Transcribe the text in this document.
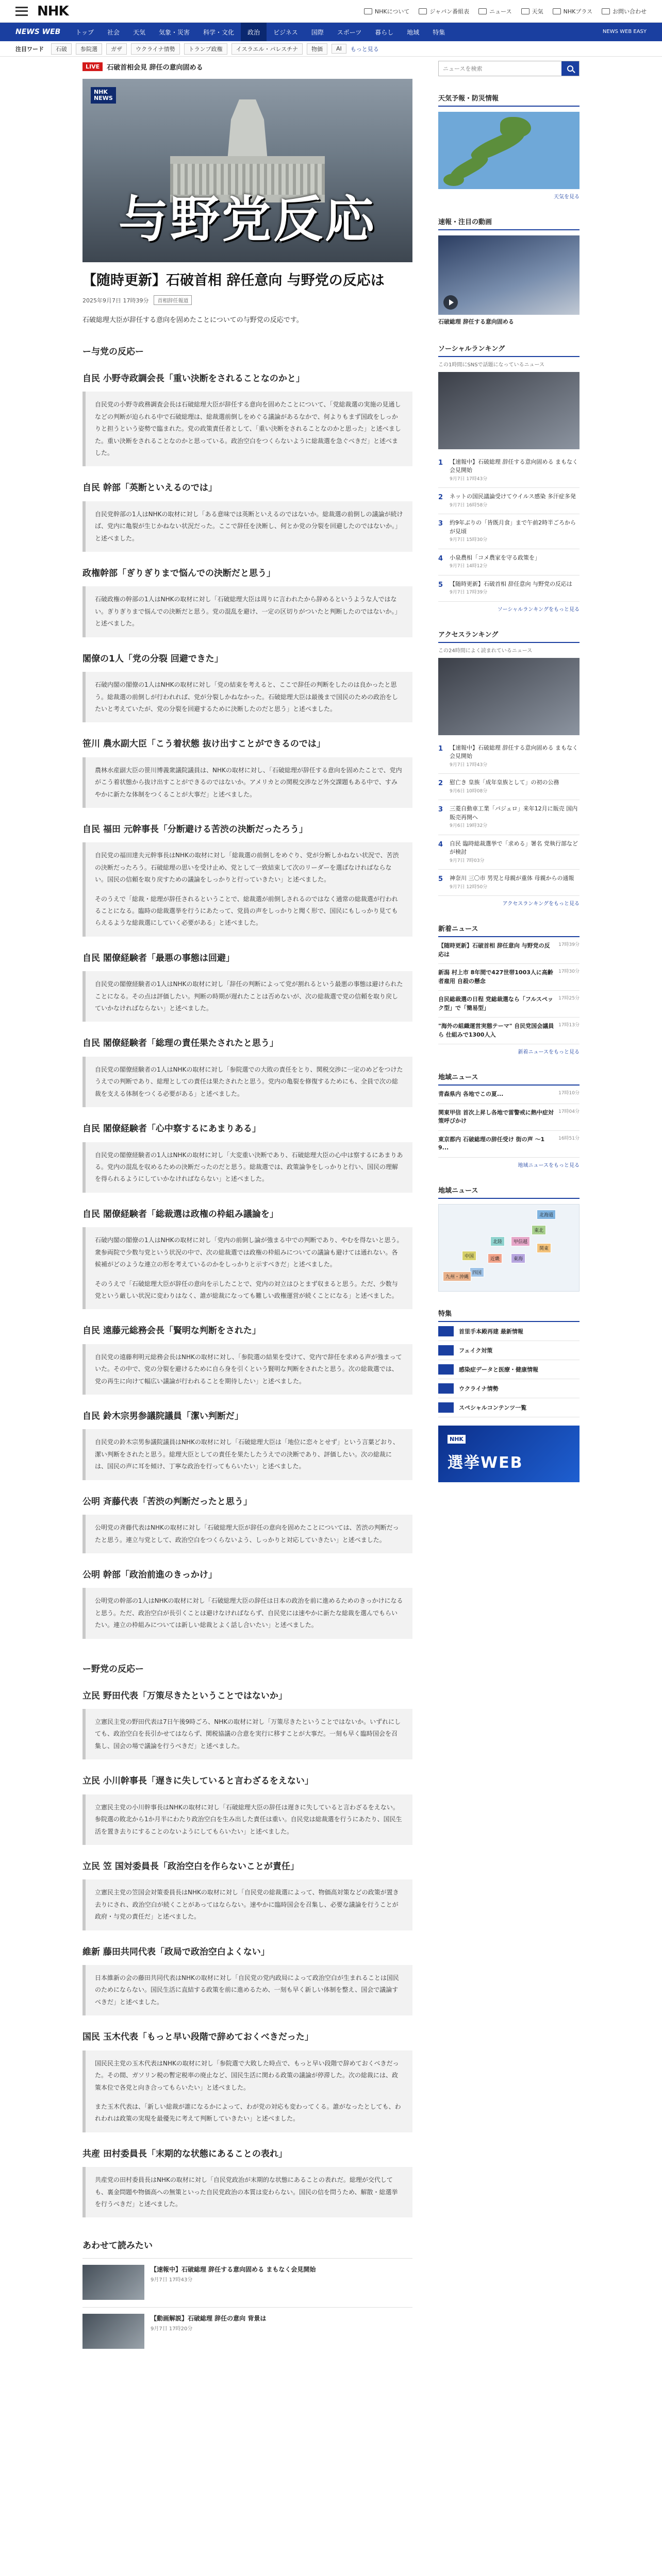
NHK	NHKについて	ジャパン番組表	ニュース	天気	NHKプラス	お問い合わせ
NEWS WEB	トップ	社会	天気	気象・災害	科学・文化	政治	ビジネス	国際	スポーツ	暮らし	地域	特集	NEWS WEB EASY
注目ワード	石破	参院選	ガザ	ウクライナ情勢	トランプ政権	イスラエル・パレスチナ	物価	AI	もっと見る
LIVE	石破首相会見 辞任の意向固める
NHK
NEWS
与野党反応
【随時更新】石破首相 辞任意向 与野党の反応は
2025年9月7日 17時39分	首相辞任報道

石破総理大臣が辞任する意向を固めたことについての与野党の反応です。

ー与党の反応ー
自民 小野寺政調会長「重い決断をされることなのかと」

自民党の小野寺政務調査会長は石破総理大臣が辞任する意向を固めたことについて、「党総裁選の実施の見通しなどの判断が迫られる中で石破総理は、総裁選前倒しをめぐる議論があるなかで、何よりもまず国政をしっかりと担うという姿勢で臨まれた。党の政策責任者として、「重い決断をされることなのかと思った」と述べました。重い決断をされることなのかと思っている。政治空白をつくらないように総裁選を急ぐべきだ」と述べました。

自民 幹部「英断といえるのでは」

自民党幹部の1人はNHKの取材に対し「ある意味では英断といえるのではないか。総裁選の前倒しの議論が続けば、党内に亀裂が生じかねない状況だった。ここで辞任を決断し、何とか党の分裂を回避したのではないか。」と述べました。

政権幹部「ぎりぎりまで悩んでの決断だと思う」

石破政権の幹部の1人はNHKの取材に対し「石破総理大臣は周りに言われたから辞めるというような人ではない。ぎりぎりまで悩んでの決断だと思う。党の混乱を避け、一定の区切りがついたと判断したのではないか。」と述べました。

閣僚の1人「党の分裂 回避できた」

石破内閣の閣僚の1人はNHKの取材に対し「党の結束を考えると、ここで辞任の判断をしたのは良かったと思う。総裁選の前倒しが行われれば、党が分裂しかねなかった。石破総理大臣は最後まで国民のための政治をしたいと考えていたが、党の分裂を回避するために決断したのだと思う」と述べました。

笹川 農水副大臣「こう着状態 抜け出すことができるのでは」

農林水産副大臣の笹川博義衆議院議員は、NHKの取材に対し、「石破総理が辞任する意向を固めたことで、党内がこう着状態から抜け出すことができるのではないか。アメリカとの関税交渉など外交課題もある中で、すみやかに新たな体制をつくることが大事だ」と述べました。

自民 福田 元幹事長「分断避ける苦渋の決断だったろう」

自民党の福田達夫元幹事長はNHKの取材に対し「総裁選の前倒しをめぐり、党が分断しかねない状況で、苦渋の決断だったろう。石破総理の思いを受け止め、党として一致結束して次のリーダーを選ばなければならない。国民の信頼を取り戻すための議論をしっかりと行っていきたい」と述べました。

そのうえで「総裁・総理が辞任されるということで、総裁選が前倒しされるのではなく通常の総裁選が行われることになる。臨時の総裁選挙を行うにあたって、党員の声をしっかりと聞く形で、国民にもしっかり見てもらえるような総裁選にしていく必要がある」と述べました。

自民 閣僚経験者「最悪の事態は回避」

自民党の閣僚経験者の1人はNHKの取材に対し「辞任の判断によって党が割れるという最悪の事態は避けられたことになる。その点は評価したい。判断の時期が遅れたことは否めないが、次の総裁選で党の信頼を取り戻していかなければならない」と述べました。

自民 閣僚経験者「総理の責任果たされたと思う」

自民党の閣僚経験者の1人はNHKの取材に対し「参院選での大敗の責任をとり、関税交渉に一定のめどをつけたうえでの判断であり、総理としての責任は果たされたと思う。党内の亀裂を修復するためにも、全員で次の総裁を支える体制をつくる必要がある」と述べました。

自民 閣僚経験者「心中察するにあまりある」

自民党の閣僚経験者の1人はNHKの取材に対し「大変重い決断であり、石破総理大臣の心中は察するにあまりある。党内の混乱を収めるための決断だったのだと思う。総裁選では、政策論争をしっかりと行い、国民の理解を得られるようにしていかなければならない」と述べました。

自民 閣僚経験者「総裁選は政権の枠組み議論を」

石破内閣の閣僚の1人はNHKの取材に対し「党内の前倒し論が強まる中での判断であり、やむを得ないと思う。衆参両院で少数与党という状況の中で、次の総裁選では政権の枠組みについての議論も避けては通れない。各候補がどのような連立の形を考えているのかをしっかりと示すべきだ」と述べました。

そのうえで「石破総理大臣が辞任の意向を示したことで、党内の対立はひとまず収まると思う。ただ、少数与党という厳しい状況に変わりはなく、誰が総裁になっても難しい政権運営が続くことになる」と述べました。

自民 遠藤元総務会長「賢明な判断をされた」

自民党の遠藤利明元総務会長はNHKの取材に対し、「参院選の結果を受けて、党内で辞任を求める声が強まっていた。その中で、党の分裂を避けるために自ら身を引くという賢明な判断をされたと思う。次の総裁選では、党の再生に向けて幅広い議論が行われることを期待したい」と述べました。

自民 鈴木宗男参議院議員「潔い判断だ」

自民党の鈴木宗男参議院議員はNHKの取材に対し「石破総理大臣は「地位に恋々とせず」という言葉どおり、潔い判断をされたと思う。総理大臣としての責任を果たしたうえでの決断であり、評価したい。次の総裁には、国民の声に耳を傾け、丁寧な政治を行ってもらいたい」と述べました。

公明 斉藤代表「苦渋の判断だったと思う」

公明党の斉藤代表はNHKの取材に対し「石破総理大臣が辞任の意向を固めたことについては、苦渋の判断だったと思う。連立与党として、政治空白をつくらないよう、しっかりと対応していきたい」と述べました。

公明 幹部「政治前進のきっかけ」

公明党の幹部の1人はNHKの取材に対し「石破総理大臣の辞任は日本の政治を前に進めるためのきっかけになると思う。ただ、政治空白が長引くことは避けなければならず、自民党には速やかに新たな総裁を選んでもらいたい。連立の枠組みについては新しい総裁とよく話し合いたい」と述べました。

ー野党の反応ー
立民 野田代表「万策尽きたということではないか」

立憲民主党の野田代表は7日午後9時ごろ、NHKの取材に対し「万策尽きたということではないか。いずれにしても、政治空白を長引かせてはならず、関税協議の合意を実行に移すことが大事だ。一刻も早く臨時国会を召集し、国会の場で議論を行うべきだ」と述べました。

立民 小川幹事長「遅きに失していると言わざるをえない」

立憲民主党の小川幹事長はNHKの取材に対し「石破総理大臣の辞任は遅きに失していると言わざるをえない。参院選の敗北から1か月半にわたり政治空白を生み出した責任は重い。自民党は総裁選を行うにあたり、国民生活を置き去りにすることのないようにしてもらいたい」と述べました。

立民 笠 国対委員長「政治空白を作らないことが責任」

立憲民主党の笠国会対策委員長はNHKの取材に対し「自民党の総裁選によって、物価高対策などの政策が置き去りにされ、政治空白が続くことがあってはならない。速やかに臨時国会を召集し、必要な議論を行うことが政府・与党の責任だ」と述べました。

維新 藤田共同代表「政局で政治空白よくない」

日本維新の会の藤田共同代表はNHKの取材に対し「自民党の党内政局によって政治空白が生まれることは国民のためにならない。国民生活に直結する政策を前に進めるため、一刻も早く新しい体制を整え、国会で議論すべきだ」と述べました。

国民 玉木代表「もっと早い段階で辞めておくべきだった」

国民民主党の玉木代表はNHKの取材に対し「参院選で大敗した時点で、もっと早い段階で辞めておくべきだった。その間、ガソリン税の暫定税率の廃止など、国民生活に関わる政策の議論が停滞した。次の総裁には、政策本位で各党と向き合ってもらいたい」と述べました。

また玉木代表は、「新しい総裁が誰になるかによって、わが党の対応も変わってくる。誰がなったとしても、われわれは政策の実現を最優先に考えて判断していきたい」と述べました。

共産 田村委員長「末期的な状態にあることの表れ」

共産党の田村委員長はNHKの取材に対し「自民党政治が末期的な状態にあることの表れだ。総理が交代しても、裏金問題や物価高への無策といった自民党政治の本質は変わらない。国民の信を問うため、解散・総選挙を行うべきだ」と述べました。

あわせて読みたい
【速報中】石破総理 辞任する意向固める まもなく会見開始
9月7日 17時43分
【動画解説】石破総理 辞任の意向 背景は
9月7日 17時20分
ニュースを検索
天気予報・防災情報
天気を見る
速報・注目の動画
石破総理 辞任する意向固める
ソーシャルランキング
この1時間にSNSで話題になっているニュース
1	【速報中】石破総理 辞任する意向固める まもなく会見開始
9月7日 17時43分
2	ネットの国民議論受けてウイルス感染 多汗症多発
9月7日 16時58分
3	約9年ぶりの「皆既月食」まで午前2時半ごろからが見頃
9月7日 15時30分
4	小泉農相「コメ農家を守る政策を」
9月7日 14時12分
5	【随時更新】石破首相 辞任意向 与野党の反応は
9月7日 17時39分
ソーシャルランキングをもっと見る
アクセスランキング
この24時間によく読まれているニュース
1	【速報中】石破総理 辞任する意向固める まもなく会見開始
9月7日 17時43分
2	慰亡き 皇族「成年皇族として」の初の公務
9月6日 10時08分
3	三菱自動車工業「パジェロ」来年12月に販売 国内販売再開へ
9月6日 19時32分
4	自民 臨時総裁選挙で「求める」署名 党執行部などが検討
9月7日 7時03分
5	神奈川 三〇市 男児と母親が重体 母親からの通報
9月7日 12時50分
アクセスランキングをもっと見る
新着ニュース
【随時更新】石破首相 辞任意向 与野党の反応は
17時39分
新潟 村上市 8年間で427世帯1003人に高齢者雇用 自殺の懸念
17時30分
自民総裁選の日程 党総裁選なら「フルスペック型」で「簡易型」
17時25分
"海外の組織運営実態テーマ" 自民党国会議員ら 仕組みで1300人入
17時13分
新着ニュースをもっと見る
地域ニュース
青森県内 各地でこの夏...	17時10分
関東甲信 首次上昇し各地で雷警戒に熱中症対策呼びかけ
17時04分
東京都内 石破総理の辞任受け 街の声 〜1 9...
16時51分
地域ニュースをもっと見る
地域ニュース
北海道
東北
関東
甲信越
東海
北陸
近畿
中国
四国
九州・沖縄
特集
首里手本殿再建 最新情報
フェイク対策
感染症データと医療・健康情報
ウクライナ情勢
スペシャルコンテンツ一覧
NHK
選挙WEB
